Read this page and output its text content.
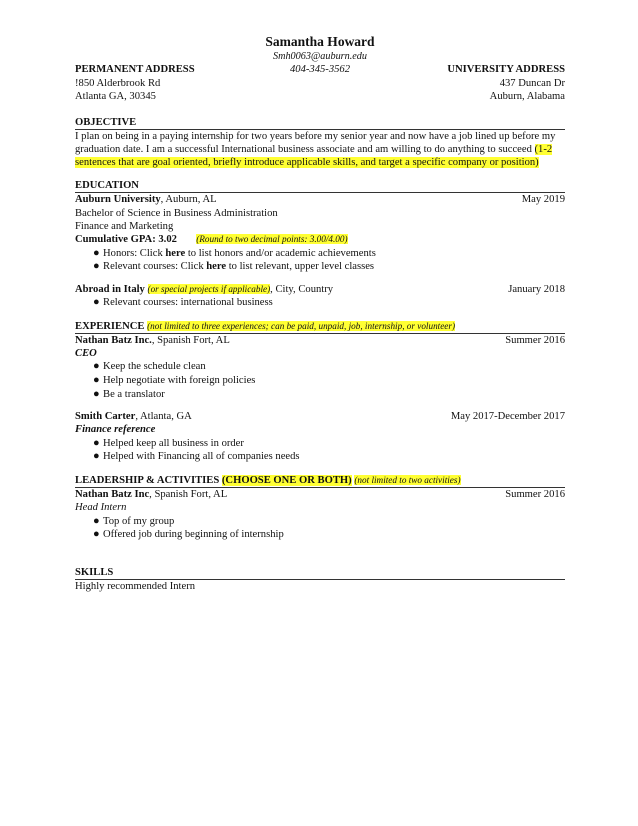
Samantha Howard
Smh0063@auburn.edu
PERMANENT ADDRESS	404-345-3562	UNIVERSITY ADDRESS
!850 Alderbrook Rd	437 Duncan Dr
Atlanta GA, 30345	Auburn, Alabama
OBJECTIVE
I plan on being in a paying internship for two years before my senior year and now have a job lined up before my graduation date. I am a successful International business associate and am willing to do anything to succeed (1-2 sentences that are goal oriented, briefly introduce applicable skills, and target a specific company or position)
EDUCATION
Auburn University, Auburn, AL	May 2019
Bachelor of Science in Business Administration
Finance and Marketing
Cumulative GPA: 3.02 (Round to two decimal points: 3.00/4.00)
● Honors: Click here to list honors and/or academic achievements
● Relevant courses: Click here to list relevant, upper level classes
Abroad in Italy (or special projects if applicable), City, Country	January 2018
● Relevant courses: international business
EXPERIENCE (not limited to three experiences; can be paid, unpaid, job, internship, or volunteer)
Nathan Batz Inc., Spanish Fort, AL	Summer 2016
CEO
● Keep the schedule clean
● Help negotiate with foreign policies
● Be a translator
Smith Carter, Atlanta, GA	May 2017-December 2017
Finance reference
● Helped keep all business in order
● Helped with Financing all of companies needs
LEADERSHIP & ACTIVITIES (CHOOSE ONE OR BOTH) (not limited to two activities)
Nathan Batz Inc, Spanish Fort, AL	Summer 2016
Head Intern
● Top of my group
● Offered job during beginning of internship
SKILLS
Highly recommended Intern
